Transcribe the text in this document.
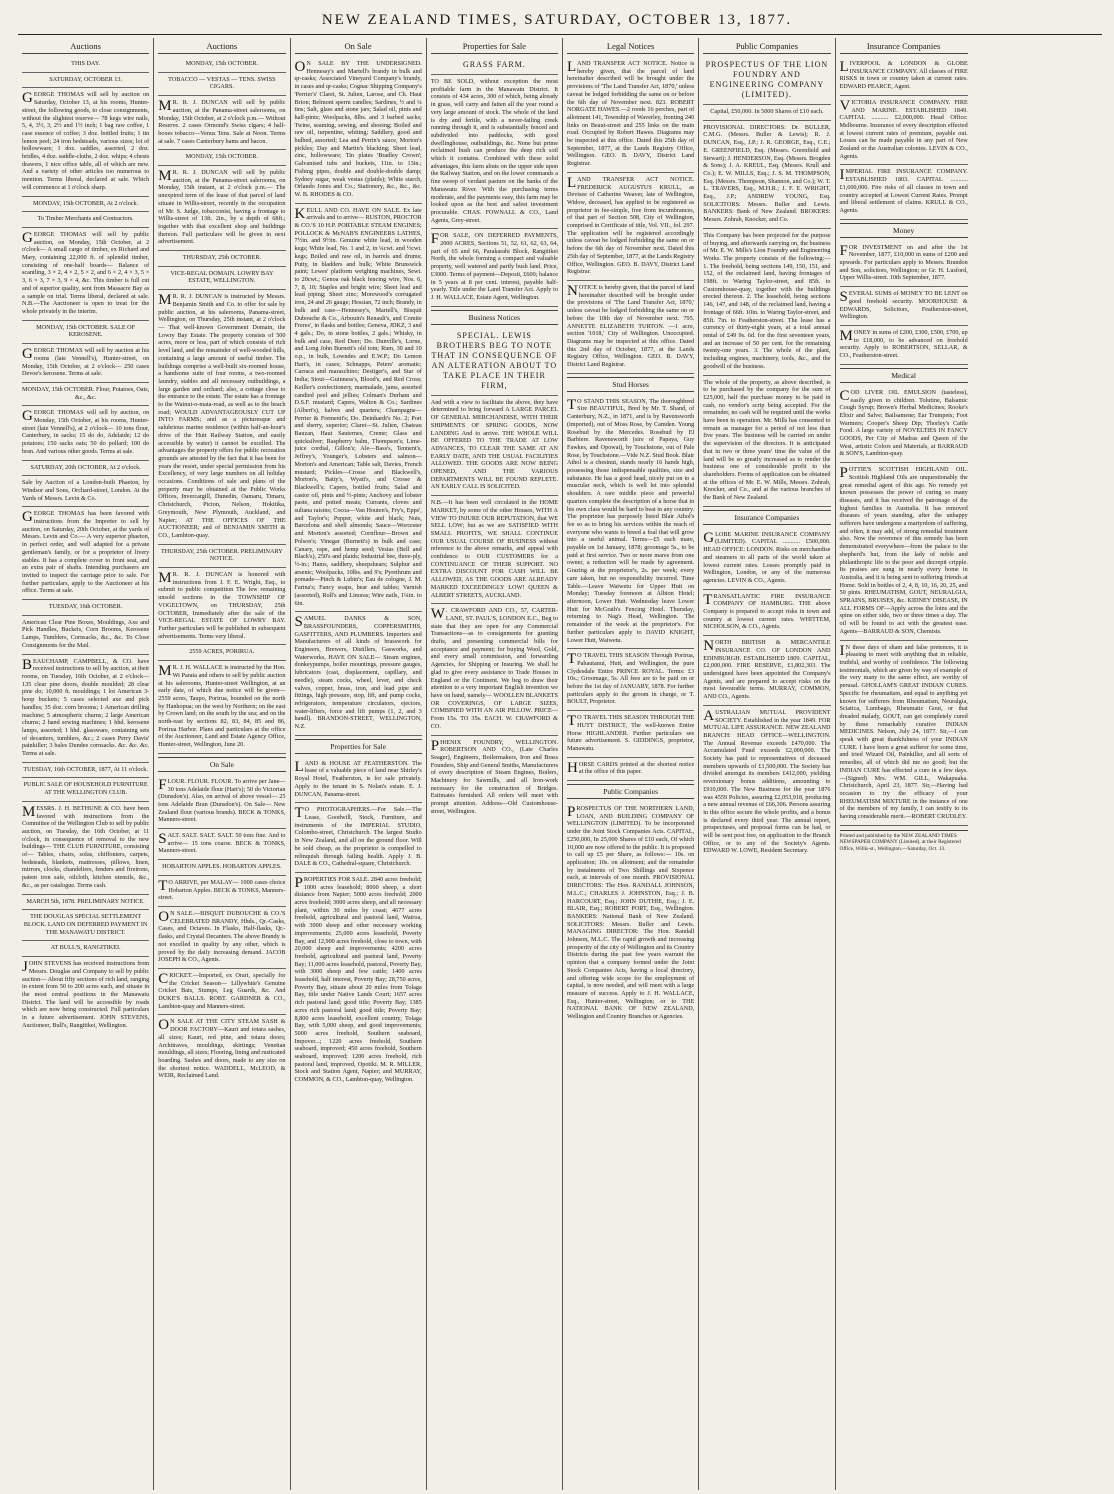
NEW ZEALAND TIMES, SATURDAY, OCTOBER 13, 1877.
Auctions
THIS DAY.
SATURDAY, OCTOBER 13.
GEORGE THOMAS will sell by auction on Saturday, October 13, at his rooms, Hunter-street, the following goods, to close consignments, without the slightest reserve— 78 kegs wire nails, 5, 4, 3½, 3, 2½ and 1½ inch; 1 bag raw coffee, 1 case essence of coffee; 3 doz. bottled fruits; 1 tin lemon peel; 24 iron bedsteads, various sizes; lot of hollowware; 1 doz. saddles, assorted, 2 doz. bridles, 4 doz. saddle-cloths, 2 doz. whips; 4 chests drawers, 1 nice office table, all of which are new. And a variety of other articles too numerous to mention. Terms liberal, declared at sale. Which will commence at 1 o'clock sharp.
MONDAY, 15th OCTOBER, At 2 o'clock.
To Timber Merchants and Contractors.
GEORGE THOMAS will sell by public auction, on Monday, 15th October, at 2 o'clock— A small cargo of timber, ex Richard and Mary, containing 22,000 ft. of splendid timber, consisting of one-half boards— Balance of scantling, 3 × 2, 4 × 2, 5 × 2, and 6 × 2, 4 × 3, 5 × 3, 6 × 3, 7 × 3, 9 × 4, &c. This timber is full cut and of superior quality, sent from Massacre Bay as a sample on trial. Terms liberal, declared at sale. N.B.—The Auctioneer is open to treat for the whole privately in the interim.
MONDAY, 15th OCTOBER. SALE OF KEROSENE.
GEORGE THOMAS will sell by auction at his rooms (late Vennell's), Hunter-street, on Monday, 15th October, at 2 o'clock— 250 cases Devoe's kerosene. Terms at sale.
MONDAY, 15th OCTOBER. Flour, Potatoes, Oats, &c., &c.
GEORGE THOMAS will sell by auction, on Monday, 15th October, at his rooms, Hunter-street (late Vennell's), at 2 o'clock— 10 tons flour, Canterbury, in sacks; 15 do do, Adelaide; 12 do potatoes; 150 sacks oats; 50 do pollard; 100 do bran. And various other goods. Terms at sale.
SATURDAY, 20th OCTOBER, At 2 o'clock.
Sale by Auction of a London-built Phaeton, by Windsor and Sons, Orchard-street, London. At the Yards of Messrs. Levin & Co.
GEORGE THOMAS has been favored with instructions from the Importer to sell by auction, on Saturday, 20th October, at the yards of Messrs. Levin and Co.— A very superior phaeton, in perfect order, and well adapted for a private gentleman's family, or for a proprietor of livery stables. It has a complete cover to front seat, and an extra pair of shafts. Intending purchasers are invited to inspect the carriage prior to sale. For further particulars, apply to the Auctioneer at his office. Terms at sale.
TUESDAY, 16th OCTOBER.
American Clear Pine Boxes, Mouldings, Axe and Pick Handles, Buckets, Corn Brooms, Kerosene Lamps, Tumblers, Cornsacks, &c., &c. To Close Consignments for the Mail.
BEAUCHAMP, CAMPBELL, & CO. have received instructions to sell by auction, at their rooms, on Tuesday, 16th October, at 2 o'clock— 135 clear pine doors, double moulded; 28 clear pine do; 10,000 ft. mouldings; 1 lot American 3-hoop buckets; 5 cases selected axe and pick handles; 35 doz. corn brooms; 1 American drilling machine; 5 atmospheric churns; 2 large American churns; 2 hand sewing machines; 1 hhd. kerosene lamps, assorted; 1 hhd. glassware, containing sets of decanters, tumblers, &c.; 2 cases Perry Davis' painkiller; 3 bales Dundee cornsacks. &c. &c. &c. Terms at sale.
TUESDAY, 16th OCTOBER, 1877, At 11 o'clock.
PUBLIC SALE OF HOUSEHOLD FURNITURE AT THE WELLINGTON CLUB.
MESSRS. J. H. BETHUNE & CO. have been favored with instructions from the Committee of the Wellington Club to sell by public auction, on Tuesday, the 16th October, at 11 o'clock, in consequence of removal to the new buildings— THE CLUB FURNITURE, consisting of— Tables, chairs, sofas, chiffoniers, carpets, bedsteads, blankets, mattresses, pillows, linen, mirrors, clocks, chandeliers, fenders and fireirons, patent iron safe, oilcloth, kitchen utensils, &c., &c., as per catalogue. Terms cash.
MARCH 5th, 1878. PRELIMINARY NOTICE.
THE DOUGLAS SPECIAL SETTLEMENT BLOCK. LAND ON DEFERRED PAYMENT IN THE MANAWATU DISTRICT.
AT BULL'S, RANGITIKEI.
JOHN STEVENS has received instructions from Messrs. Douglas and Company to sell by public auction— About fifty sections of rich land, ranging in extent from 50 to 200 acres each, and situate in the most central positions in the Manawatu District. The land will be accessible by roads which are now being constructed. Full particulars in a future advertisement. JOHN STEVENS, Auctioneer, Bull's, Rangitikei, Wellington.
Auctions
MONDAY, 15th OCTOBER.
TOBACCO — VESTAS — TENS. SWISS CIGARS.
M R. R. J. DUNCAN will sell by public auction, at the Panama-street salerooms, on Monday, 15th October, at 2 o'clock p.m.— Without Reserve. 2 cases Ormond's Swiss cigars; 4 half-boxes tobacco—Venus Tens. Sale at Noon. Terms at sale. 7 cases Canterbury hams and bacon.
MONDAY, 15th OCTOBER.
M R. R. J. DUNCAN will sell by public auction, at the Panama-street salerooms, on Monday, 15th instant, at 2 o'clock p.m.— The unexpired term of the lease of that parcel of land situate in Willis-street, recently in the occupation of Mr. S. Judge, tobacconist, having a frontage to Willis-street of 13ft. 2in., by a depth of 68ft.; together with that excellent shop and buildings thereon. Full particulars will be given in next advertisement.
THURSDAY, 25th OCTOBER.
VICE-REGAL DOMAIN. LOWRY BAY ESTATE, WELLINGTON.
M R. R. J. DUNCAN is instructed by Messrs. Benjamin Smith and Co. to offer for sale by public auction, at his salerooms, Panama-street, Wellington, on Thursday, 25th instant, at 2 o'clock— That well-known Government Domain, the Lowry Bay Estate. The property consists of 500 acres, more or less, part of which consists of rich level land, and the remainder of well-wooded hills, containing a large amount of useful timber. The buildings comprise a well-built six-roomed house, a handsome suite of four rooms, a two-roomed laundry, stables and all necessary outbuildings, a large garden and orchard; also, a cottage close to the entrance to the estate. The estate has a frontage to the Wainui-o-mata-road, as well as to the beach road; WOULD ADVANTAGEOUSLY CUT UP INTO FARMS; and as a picturesque and salubrious marine residence (within half-an-hour's drive of the Hutt Railway Station, and easily accessible by water) it cannot be excelled. The advantages the property offers for public recreation grounds are attested by the fact that it has been for years the resort, under special permission from his Excellency, of very large numbers on all holiday occasions. Conditions of sale and plans of the property may be obtained at the Public Works Offices, Invercargill, Dunedin, Oamaru, Timaru, Christchurch, Picton, Nelson, Hokitika, Greymouth, New Plymouth, Auckland, and Napier; AT THE OFFICES OF THE AUCTIONEER; and of BENJAMIN SMITH & CO., Lambton-quay.
THURSDAY, 25th OCTOBER. PRELIMINARY NOTICE.
M R. R. J. DUNCAN is honored with instructions from J. F. E. Wright, Esq., to submit to public competition The few remaining unsold sections in the TOWNSHIP OF VOGELTOWN, on THURSDAY, 25th OCTOBER, Immediately after the sale of the VICE-REGAL ESTATE OF LOWRY BAY. Further particulars will be published in subsequent advertisements. Terms very liberal.
2559 ACRES, PORIRUA.
M R. J. H. WALLACE is instructed by the Hon. Wi Parata and others to sell by public auction at his salerooms, Hunter-street Wellington, at an early date, of which due notice will be given— 2559 acres, Taupo, Porirua, bounded on the north by Hanhopua; on the west by Northern; on the east by Crown land; on the south by the sea; and on the north-east by sections 82, 83, 84, 85 and 86, Porirua Harbor. Plans and particulars at the office of the Auctioneer, Land and Estate Agency Office, Hunter-street, Wellington, June 20.
On Sale
FLOUR. FLOUR. FLOUR. To arrive per Jane— 30 tons Adelaide flour (Hart's); 50 do Victorian (Dunsdon's). Also, on arrival of above vessel— 25 tons Adelaide Bran (Dunsdon's). On Sale— New Zealand flour (various brands). BECK & TONKS, Manners-street.
SALT. SALT. SALT. SALT. 50 tons fine. And to arrive— 15 tons coarse. BECK & TONKS, Manners-street.
HOBARTON APPLES. HOBARTON APPLES.
T O ARRIVE, per MALAY— 1000 cases choice Hobarton Apples. BECK & TONKS, Manners-street.
O N SALE.—BISQUIT DUBOUCHE & CO.'S CELEBRATED BRANDY, Hhds., Qr.-Casks, Cases, and Octaves. In Flasks, Half-flasks, Qr.-flasks, and Crystal Decanters. The above Brandy is not excelled in quality by any other, which is proved by the daily increasing demand. JACOB JOSEPH & CO., Agents.
CRICKET.—Imported, ex Orari, specially for the Cricket Season— Lillywhite's Genuine Cricket Bats, Stumps, Leg Guards, &c. And DUKE'S BALLS. ROBT. GARDNER & CO., Lambton-quay and Manners-street.
O N SALE AT THE CITY STEAM SASH & DOOR FACTORY—Kauri and totara sashes, all sizes; Kauri, red pine, and totara doors; Architraves, mouldings, skirtings; Venetian mouldings, all sizes; Flooring, lining and rusticated boarding. Sashes and doors, made to any size on the shortest notice. WADDELL, McLEOD, & WEIR, Reclaimed Land.
On Sale
O N SALE BY THE UNDERSIGNED. Hennessy's and Martell's brandy in bulk and qr-casks; Associated Vineyard Company's brandy, in cases and qr-casks; Cognac Shipping Company's 'Perrier's' Claret, St. Julien, Larose, and Ch. Haut Brion; Belmont sperm candles; Sardines, ½ and ¼ tins; Salt, glass and stone jars; Salad oil, pints and half-pints; Woolpacks, 8lbs. and 3 barbed sacks; Twine, seaming, sewing, and shoeing; Boiled and raw oil, turpentine, whiting; Saddlery, good and bulbed, assorted; Lea and Perrin's sauce, Morton's pickles; Day and Martin's blacking; Sheet lead, zinc, hollowware; Tin plates 'Bradley Crown'; Galvanised tubs and buckets, 11in. to 13in.; Fishing pipes, double and double-double damp; Sydney sugar, weak vestas (plaids); White starch, Orlando Jones and Co.; Stationery, &c., &c., &c. W. B. RHODES & CO.
KEULL AND CO. HAVE ON SALE. Ex late arrivals and to arrive— RUSTON, PROCTOR & CO.'S 10 H.P. PORTABLE STEAM ENGINES; POLLOCK & McNAB'S ENGINEERS LATHES, 7½in. and 9½in. Genuine white lead, in wooden kegs; White lead, No. 1 and 2, in ¼cwt. and ½cwt. kegs; Boiled and raw oil, in barrels and drums; Putty, in bladders and bulk; White Brunswick paint; Lewes' platform weighing machines, Sewt. to 20cwt.; Genoa oak black fencing wire, Nos. 6, 7, 8, 10; Staples and bright wire; Sheet lead and lead piping; Sheet zinc; Morewood's corrugated iron, 24 and 26 gauge; Hessian, 72 inch; Brandy, in bulk and case—Hennessy's, Martell's, Bisquit Dubouche & Co., Arbouin's Renault's, and Comite Freres', in flasks and bottles; Geneva, JDKZ, 3 and 4 gals.; Do, in stone bottles, 2 gals.; Whisky, in bulk and case, Red Deer; Do. Dunville's, Lorne, and Long John Burnett's old tom; Rum, 30 and 10 o.p., in bulk, Lowndes and E.W.P.; Do Lemon Hart's, in cases; Schnapps, Peters' aromatic; Carraca and maraschino; Destiger's, and Star of India; Stout—Guinness's, Blood's, and Red Cross; Keiller's confectionery, marmalade, jams, assorted candied peel and jellies; Colman's Durham and D.S.F. mustard; Capers, Walton & Co.; Sardines (Albert's), halves and quarters; Champagne—Perrier & Fremenit's; Do. Deinhardt's No. 2; Port and sherry, superior; Claret—St. Julien, Chateau Bauzan, Haut Sauternes, Creme; Glass and quicksilver; Raspberry balm, Thompson's; Lime-juice cordial, Gillon's; Ale—Bass's, Tennent's, Jeffrey's, Younger's, Lobsters and salmon—Morton's and American; Table salt, Davies, French mustard; Pickles—Crosse and Blackwell's, Morton's, Batty's, Wyatt's, and Crosse & Blackwell's; Capers, bottled fruits; Salad and castor oil, pints and ½-pints; Anchovy and lobster paste, and potted meats; Currants, cloves and sultana raisins; Cocoa—Van Houten's, Fry's, Epps', and Taylor's; Pepper, white and black; Nuts, Barcelona and shell almonds; Sauce—Worcester and Morton's assorted; Cornflour—Brown and Polson's; Vinegar (Burnett's) in bulk and case; Canary, rape, and hemp seed; Vestas (Bell and Black's), 250's and plaids; Industrial bee, three-ply, ½-in.; Hams, saddlery, sheepshears; Sulphur and arsenic; Woolpacks, 10lbs. and 9's; Pyrethrum and pomade—Pinch & Lubin's; Eau de cologne, J. M. Farina's; Fancy soaps, bear and tables; Varnish (assorted), Roll's and Linoras; Wire nails, 1¼in. to 6in.
SAMUEL DANKS & SON, BRASSFOUNDERS, COPPERSMITHS, GASFITTERS, AND PLUMBERS. Importers and Manufacturers of all kinds of brasswork for Engineers, Brewers, Distillers, Gasworks, and Waterworks, HAVE ON SALE— Steam engines, donkeypumps, boiler mountings, pressure gauges, lubricators (cast, displacement, capillary, and needle), steam cocks, wheel, lever, and check valves, copper, brass, iron, and lead pipe and fittings, high pressure, stop, lift, and pump cocks, refrigerators, temperature circulators, ejectors, water-lifters, force and lift pumps (1, 2, and 3 handl). BRANDON-STREET, WELLINGTON, N.Z.
Properties for Sale
LAND & HOUSE AT FEATHERSTON. The lease of a valuable piece of land near Shirley's Royal Hotel, Featherston, is for sale privately. Apply to the tenant in S. Nolan's estate. E. J. DUNCAN, Panama-street.
T O PHOTOGRAPHERS.—For Sale.—The Lease, Goodwill, Stock, Furniture, and instruments of the IMPERIAL STUDIO, Colombo-street, Christchurch. The largest Studio in New Zealand, and all on the ground floor. Will be sold cheap, as the proprietor is compelled to relinquish through failing health. Apply J. B. DALE & CO., Cathedral-square, Christchurch.
PROPERTIES FOR SALE. 2840 acres freehold; 1000 acres leasehold; 8000 sheep, a short distance from Napier; 5000 acres freehold; 2000 acres freehold; 3000 acres sheep, and all necessary plant, within 30 miles by coast; 4677 acres freehold, agricultural and pastoral land, Wairoa, with 3000 sheep and other necessary working improvements; 25,000 acres leasehold, Poverty Bay, and 12,900 acres freehold, close to town, with 20,000 sheep and improvements; 4200 acres freehold, agricultural and pastoral land, Poverty Bay; 11,000 acres leasehold, pastoral, Poverty Bay, with 3000 sheep and few cattle; 1400 acres leasehold, half interest, Poverty Bay; 28,750 acres, Poverty Bay, situate about 20 miles from Tolaga Bay, title under Native Lands Court; 1657 acres rich pastoral land; good title; Poverty Bay; 1385 acres rich pastoral land; good title; Poverty Bay; 8,800 acres leasehold, excellent country, Tolaga Bay, with 5,000 sheep, and good improvements; 5000 acres freehold, Southern seaboard, Impover...; 1220 acres freehold, Southern seaboard, improved; 450 acres freehold, Southern seaboard, improved; 1200 acres freehold, rich pastoral land, improved, Opotiki. M. R. MILLER, Stock and Station Agent, Napier; and MURRAY, COMMON, & CO., Lambton-quay, Wellington.
Properties for Sale
GRASS FARM.
TO BE SOLD, without exception the most profitable farm in the Manawatu District. It consists of 434 acres, 300 of which, being already in grass, will carry and fatten all the year round a very large amount of stock. The whole of the land is dry and fertile, with a never-failing creek running through it, and is substantially fenced and subdivided into paddocks, with good dwellinghouse, outbuildings, &c. None but prime reclaimed bush can produce the deep rich soil which it contains. Combined with these solid advantages, this farm abuts on the upper side upon the Railway Station, and on the lower commands a fine sweep of verdant pasture on the banks of the Manawatu River. With the purchasing terms moderate, and the payments easy, this farm may be looked upon as the best and safest investment procurable. CHAS. FOWNALL & CO., Land Agents, Grey-street.
FOR SALE, ON DEFERRED PAYMENTS, 2000 ACRES, Sections 51, 52, 61, 62, 63, 64, part of 65 and 66, Parakarahi Block, Rangitikei North, the whole forming a compact and valuable property, well watered and partly bush land. Price, £3000. Terms of payment—Deposit, £600; balance in 5 years at 8 per cent. interest, payable half-yearly. Title under the Land Transfer Act. Apply to J. H. WALLACE, Estate Agent, Wellington.
Business Notices
SPECIAL. LEWIS BROTHERS BEG TO NOTE THAT IN CONSEQUENCE OF AN ALTERATION ABOUT TO TAKE PLACE IN THEIR FIRM,
And with a view to facilitate the above, they have determined to bring forward A LARGE PARCEL OF GENERAL MERCHANDISE, WITH THEIR SHIPMENTS OF SPRING GOODS, NOW LANDING And to arrive. THE WHOLE WILL BE OFFERED TO THE TRADE AT LOW ADVANCES, TO CLEAR THE SAME AT AN EARLY DATE, AND THE USUAL FACILITIES ALLOWED. THE GOODS ARE NOW BEING OPENED, AND THE VARIOUS DEPARTMENTS WILL BE FOUND REPLETE. AN EARLY CALL IS SOLICITED.
N.B.—It has been well circulated in the HOME MARKET, by some of the other Houses, WITH A VIEW TO INJURE OUR REPUTATION, that WE SELL LOW; but as we are SATISFIED WITH SMALL PROFITS, WE SHALL CONTINUE OUR USUAL COURSE OF BUSINESS without reference to the above remarks, and appeal with confidence to OUR CUSTOMERS for a CONTINUANCE OF THEIR SUPPORT. NO EXTRA DISCOUNT FOR CASH WILL BE ALLOWED, AS THE GOODS ARE ALREADY MARKED EXCEEDINGLY LOW! QUEEN & ALBERT STREETS, AUCKLAND.
W . CRAWFORD AND CO., 57, CARTER-LANE, ST. PAUL'S, LONDON E.C., Beg to state that they are open for any Commercial Transactions—as to consignments for granting drafts, and presenting commercial bills for acceptance and payment; for buying Wool, Gold, and every small commission, and forwarding Agencies, for Shipping or Insuring. We shall be glad to give every assistance to Trade Houses in England or the Continent. We beg to draw their attention to a very important English invention we have on hand, namely— WOOLLEN BLANKETS OR COVERINGS, OF LARGE SIZES, COMBINED WITH AN AIR PILLOW. PRICE—From 15s. TO 35s. EACH. W. CRAWFORD & CO.
PHŒNIX FOUNDRY, WELLINGTON. ROBERTSON AND CO., (Late Charles Seager), Engineers, Boilermakers, Iron and Brass Founders, Ship and General Smiths, Manufacturers of every description of Steam Engines, Boilers, Machinery for Sawmills, and all Iron-work necessary for the construction of Bridges. Estimates furnished. All orders will meet with prompt attention. Address—Old Customhouse-street, Wellington.
Legal Notices
LAND TRANSFER ACT NOTICE. Notice is hereby given, that the parcel of land hereinafter described will be brought under the provisions of 'The Land Transfer Act, 1870,' unless caveat be lodged forbidding the same on or before the 6th day of November next. 823. ROBERT NORGATE HAWES.—2 roods 16 perches, part of allotment 141, Township of Waverley, fronting 240 links on Beaut-street and 255 links on the main road. Occupied by Robert Hawes. Diagrams may be inspected at this office. Dated this 25th day of September, 1877, at the Lands Registry Office, Wellington. GEO. B. DAVY, District Land Registrar.
LAND TRANSFER ACT NOTICE. FREDERICK AUGUSTUS KRULL, as Devisee of Catherine Weaver, late of Wellington, Widow, deceased, has applied to be registered as proprietor in fee-simple, free from incumbrances, of that part of Section 508, City of Wellington, comprised in Certificate of title, Vol. VII., fol. 297. The application will be registered accordingly unless caveat be lodged forbidding the same on or before the 6th day of November next. Dated this 25th day of September, 1877, at the Lands Registry Office, Wellington. GEO. B. DAVY, District Land Registrar.
NOTICE is hereby given, that the parcel of land hereinafter described will be brought under the provisions of 'The Land Transfer Act, 1870,' unless caveat be lodged forbidding the same on or before the 10th day of November next. 795. ANNETTE ELIZABETH TURTON. —1 acre, section '1018,' City of Wellington. Unoccupied. Diagrams may be inspected at this office. Dated this 2nd day of October, 1877, at the Lands Registry Office, Wellington. GEO. B. DAVY, District Land Registrar.
Stud Horses
T O STAND THIS SEASON, The thoroughbred Sire BEAUTIFUL, Bred by Mr. T. Shand, of Canterbury, N.Z., in 1871, and is by Ravensworth (imported), out of Moss Rose, by Camden. Young Rosebud by the Mercedes. Rosebud by El Barbiere. Ravensworth (sire of Papaya, Guy Fawkes, and Opowai), by Touchstone, out of Pale Rose, by Touchstone.—Vide N.Z. Stud Book. Blair Athol is a chestnut, stands nearly 16 hands high, possessing those indispensable qualities, size and substance. He has a good head, nicely put on to a muscular neck, which is well let into splendid shoulders. A rare middle piece and powerful quarters complete the description of a horse that in his own class would be hard to beat in any country. The proprietor has purposely listed Blair Athol's fee so as to bring his services within the reach of everyone who wants to breed a foal that will grow into a useful animal. Terms—£5 each mare, payable on 1st January, 1878; groomage 5s., to be paid at first service. Two or more mares from one owner, a reduction will be made by agreement. Grazing at the proprietor's, 2s. per week; every care taken, but no responsibility incurred. Time Table.—Leave Waiwetu for Upper Hutt on Monday; Tuesday forenoon at Albion Hotel; afternoon, Lower Hutt. Wednesday leave Lower Hutt for McGrath's Fencing Hotel. Thursday, returning to Nag's Head, Wellington. The remainder of the week at the proprietor's. For further particulars apply to DAVID KNIGHT, Lower Hutt, Waiwetu.
T O TRAVEL THIS SEASON Through Porirua, Pahautanui, Hutt, and Wellington, the pure Clydesdale Entire PRINCE ROYAL. Terms: £3 10s.; Groomage, 5s. All fees are to be paid on or before the 1st day of JANUARY, 1878. For further particulars apply to the groom in charge, or T. BOULT, Proprietor.
T O TRAVEL THIS SEASON THROUGH THE HUTT DISTRICT, The well-known Entire Horse HIGHLANDER. Further particulars see future advertisement. S. GIDDINGS, proprietor, Manawatu.
HORSE CARDS printed at the shortest notice at the office of this paper.
Public Companies
PROSPECTUS OF THE NORTHERN LAND, LOAN, AND BUILDING COMPANY OF WELLINGTON (LIMITED). To be incorporated under the Joint Stock Companies Acts. CAPITAL, £250,000, In 25,000 Shares of £10 each, Of which 10,000 are now offered to the public. It is proposed to call up £5 per Share, as follows:— 10s. on application; 10s. on allotment; and the remainder by instalments of Two Shillings and Sixpence each, at intervals of one month. PROVISIONAL DIRECTORS: The Hon. RANDALL JOHNSON, M.L.C.; CHARLES J. JOHNSTON, Esq.; J. B. HARCOURT, Esq.; JOHN DUTHIE, Esq.; J. E. BLAIR, Esq.; ROBERT PORT, Esq., Wellington. BANKERS: National Bank of New Zealand. SOLICITORS: Messrs. Buller and Lewis. MANAGING DIRECTOR: The Hon. Randall Johnson, M.L.C. The rapid growth and increasing prosperity of the city of Wellington and its Country Districts during the past few years warrant the opinion that a company formed under the Joint Stock Companies Acts, having a local directory, and offering wide scope for the employment of capital, is now needed, and will meet with a large measure of success. Apply to J. H. WALLACE, Esq., Hunter-street, Wellington; or to THE NATIONAL BANK OF NEW ZEALAND, Wellington and Country Branches or Agencies.
Public Companies
PROSPECTUS OF THE LION FOUNDRY AND ENGINEERING COMPANY (LIMITED).
Capital, £50,000. In 5000 Shares of £10 each.
PROVISIONAL DIRECTORS: Dr. BULLER, C.M.G. (Messrs. Buller & Lewis); R. J. DUNCAN, Esq., J.P.; J. R. GEORGE, Esq., C.E.; E. GREENFIELD, Esq. (Messrs. Greenfield and Stewart); J. HENDERSON, Esq. (Messrs. Brogden & Sons); J. A. KREUL, Esq. (Messrs. Krull and Co.); E. W. MILLS, Esq.; J. S. M. THOMPSON, Esq. (Messrs. Thompson, Shannon, and Co.); W. T. L. TRAVERS, Esq., M.H.R.; J. F. E. WRIGHT, Esq., J.P.; ANDREW YOUNG, Esq. SOLICITORS: Messrs. Buller and Lewis. BANKERS: Bank of New Zealand. BROKERS: Messrs. Zohrab, Knocker, and Co.
This Company has been projected for the purpose of buying, and afterwards carrying on, the business of Mr. E. W. Mills's Lion Foundry and Engineering Works. The property consists of the following:— 1. The freehold, being sections 149, 150, 151, and 152, of the reclaimed land, having frontages of 198ft. to Waring Taylor-street, and 85ft. to Customhouse-quay, together with the buildings erected thereon. 2. The leasehold, being sections 146, 147, and 148, of the reclaimed land, having a frontage of 66ft. 10in. to Waring Taylor-street, and 85ft. 7in. to Featherston-street. The lease has a currency of thirty-eight years, at a total annual rental of £49 9s. 6d. for the first seventeen years, and an increase of 50 per cent. for the remaining twenty-one years. 3. The whole of the plant, including engines, machinery, tools, &c., and the goodwill of the business.
The whole of the property, as above described, is to be purchased by the company for the sum of £25,000, half the purchase money to be paid in cash, no vendor's scrip being accepted. For the remainder, no cash will be required until the works have been in operation. Mr. Mills has consented to remain as manager for a period of not less than five years. The business will be carried on under the supervision of the directors. It is anticipated that in two or three years' time the value of the land will be so greatly increased as to render the business one of considerable profit to the shareholders. Forms of application can be obtained at the offices of Mr. E. W. Mills, Messrs. Zohrab, Knocker, and Co., and at the various branches of the Bank of New Zealand.
Insurance Companies
GLOBE MARINE INSURANCE COMPANY (LIMITED). CAPITAL ........... £500,000. HEAD OFFICE: LONDON. Risks on merchandise and steamers to all parts of the world taken at lowest current rates. Losses promptly paid in Wellington, London, or any of the numerous agencies. LEVIN & CO., Agents.
TRANSATLANTIC FIRE INSURANCE COMPANY OF HAMBURG. THE above Company is prepared to accept risks in town and country at lowest current rates. WHITTEM, NICHOLSON, & CO., Agents.
NORTH BRITISH & MERCANTILE INSURANCE CO. OF LONDON AND EDINBURGH. ESTABLISHED 1809. CAPITAL, £2,000,000. FIRE RESERVE, £1,802,303. The undersigned have been appointed the Company's Agents, and are prepared to accept risks on the most favourable terms. MURRAY, COMMON, AND CO., Agents.
AUSTRALIAN MUTUAL PROVIDENT SOCIETY. Established in the year 1849. FOR MUTUAL LIFE ASSURANCE. NEW ZEALAND BRANCH: HEAD OFFICE—WELLINGTON. The Annual Revenue exceeds £470,000. The Accumulated Fund exceeds £2,000,000. The Society has paid to representatives of deceased members upwards of £1,500,000. The Society has divided amongst its members £412,000, yielding reversionary bonus additions, amounting to £910,000. The New Business for the year 1876 was 4559 Policies, assuring £2,053,918, producing a new annual revenue of £66,306. Persons assuring in this office secure the whole profits, and a bonus is declared every third year. The annual report, prospectuses, and proposal forms can be had, or will be sent post free, on application to the Branch Office, or to any of the Society's Agents. EDWARD W. LOWE, Resident Secretary.
Insurance Companies
LIVERPOOL & LONDON & GLOBE INSURANCE COMPANY. All classes of FIRE RISKS in town or country taken at current rates. EDWARD PEARCE, Agent.
VICTORIA INSURANCE COMPANY. FIRE AND MARINE. ESTABLISHED 1849. CAPITAL ........... £2,000,000. Head Office: Melbourne. Insurance of every description effected at lowest current rates of premium, payable out. Losses can be made payable in any part of New Zealand or the Australian colonies. LEVIN & CO., Agents.
IMPERIAL FIRE INSURANCE COMPANY. ESTABLISHED 1803. CAPITAL ........... £1,600,000. Fire risks of all classes in town and country accepted at Lowest Current Rates. Prompt and liberal settlement of claims. KRULL & CO., Agents.
Money
FOR INVESTMENT on and after the 1st November, 1877, £10,000 in sums of £200 and upwards. For particulars apply to Messrs. Brandon and Son, solicitors, Wellington; or Gr. H. Lusford, Upper Willis-street. 10th September, 1877.
SEVERAL SUMS of MONEY TO BE LENT on good freehold security. MOORHOUSE & EDWARDS, Solicitors, Featherston-street, Wellington.
MONEY in sums of £200, £300, £500, £700, up to £18,000, to be advanced on freehold security. Apply to ROBERTSON, SELLAR, & CO., Featherston-street.
Medical
COD LIVER OIL EMULSION (tasteless), easily given to children. Tolutine, Balsamic Cough Syrup; Brown's Herbal Medicines; Rooke's Elixir and Salve; Bailsamene; Ear Trumpets; Foot Warmers; Cooper's Sheep Dip; Thorley's Cattle Food. A large variety of NOVELTIES IN FANCY GOODS, Per City of Madras and Queen of the West, artistic Colors and Materials, at BARRAUD & SON'S, Lambton-quay.
POTTIE'S SCOTTISH HIGHLAND OIL. Scottish Highland Oils are unquestionably the great remedial agent of this age. No remedy yet known possesses the power of curing so many diseases, and it has received the patronage of the highest families in Australia. It has removed diseases of years standing, after the unhappy sufferers have undergone a martyrdom of suffering, and often, it may add, of strong remedial treatment also. Now the reverence of this remedy has been demonstrated everywhere—from the palace to the shepherd's hut, from the lady of noble and philanthropic life to the poor and decrepit cripple. Its praises are sung in nearly every home in Australia, and it is being sent to suffering friends at Home. Sold in bottles of 2, 4, 8, 10, 16, 20, 25, and 50 pints. RHEUMATISM, GOUT, NEURALGIA, SPRAINS, BRUISES, &c. KIDNEY DISEASE, IN ALL FORMS OF—Apply across the loins and the spine on either side, two or three times a day. The oil will be found to act with the greatest ease. Agents—BARRAUD & SON, Chemists.
I N these days of sham and false pretences, it is pleasing to meet with anything that in reliable, truthful, and worthy of confidence. The following testimonials, which are given by way of example of the very many to the same effect, are worthy of perusal. GHOLLAM'S GREAT INDIAN CURES. Specific for rheumatism, and equal to anything yet known for sufferers from Rheumatism, Neuralgia, Sciatica, Lumbago, Rheumatic Gout, or that dreaded malady, GOUT, can get completely cured by these remarkably curative INDIAN MEDICINES. Nelson, July 24, 1877. Sir,—I can speak with great thankfulness of your INDIAN CURE. I have been a great sufferer for some time, and tried Wizard Oil, Painkiller, and all sorts of remedies, all of which did me no good; but the INDIAN CURE has effected a cure in a few days.—(Signed) Mrs. WM. GILL, Wakapuaka. Christchurch, April 23, 1877. Sir,—Having had occasion to try the efficacy of your RHEUMATISM MIXTURE in the instance of one of the members of my family, I can testify to its having considerable merit.—ROBERT CRUDLEY.
Printed and published by the NEW ZEALAND TIMES NEWSPAPER COMPANY (Limited), at their Registered Office, Willis-st., Wellington.—Saturday, Oct. 13.
